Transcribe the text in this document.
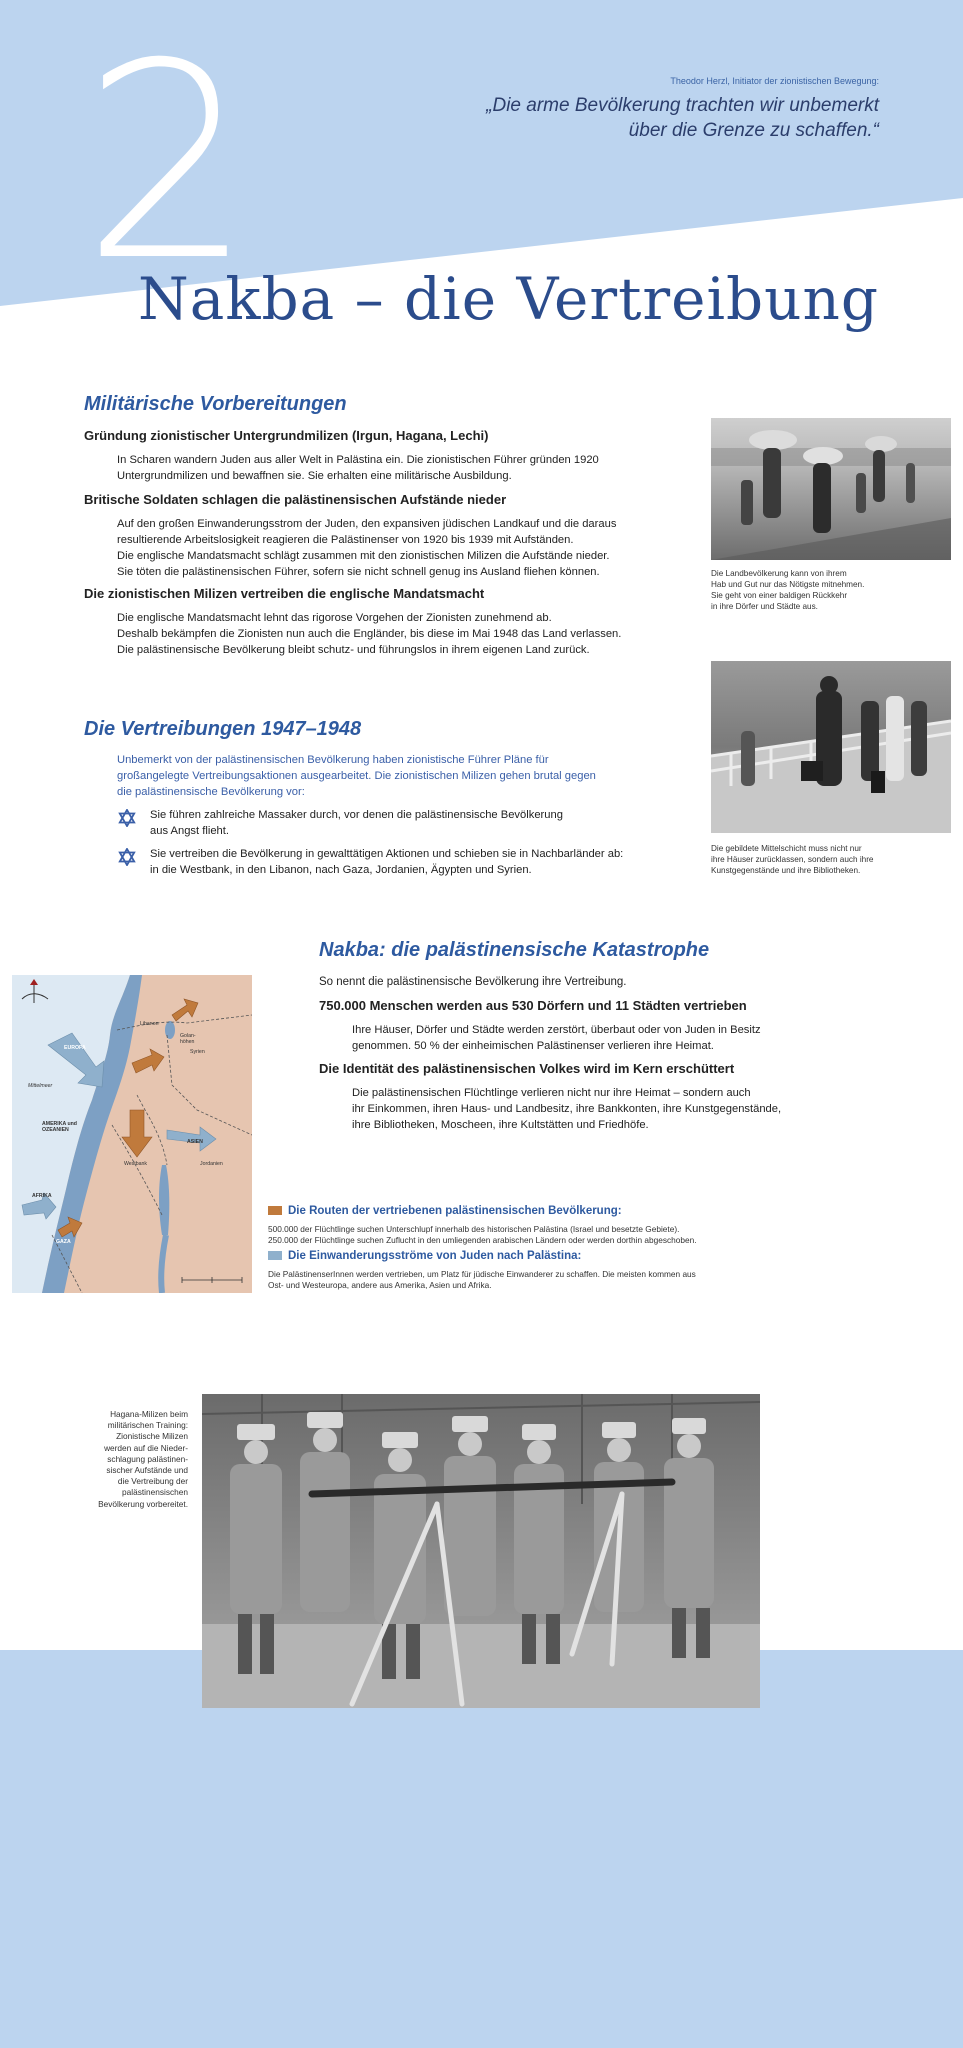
2	Theodor Herzl, Initiator der zionistischen Bewegung:
„Die arme Bevölkerung trachten wir unbemerkt
über die Grenze zu schaffen.“
Nakba – die Vertreibung
Militärische Vorbereitungen
Gründung zionistischer Untergrundmilizen (Irgun, Hagana, Lechi)
In Scharen wandern Juden aus aller Welt in Palästina ein. Die zionistischen Führer gründen 1920
Untergrundmilizen und bewaffnen sie. Sie erhalten eine militärische Ausbildung.
Britische Soldaten schlagen die palästinensischen Aufstände nieder
Auf den großen Einwanderungsstrom der Juden, den expansiven jüdischen Landkauf und die daraus
resultierende Arbeitslosigkeit reagieren die Palästinenser von 1920 bis 1939 mit Aufständen.
Die englische Mandatsmacht schlägt zusammen mit den zionistischen Milizen die Aufstände nieder.
Sie töten die palästinensischen Führer, sofern sie nicht schnell genug ins Ausland fliehen können.
Die zionistischen Milizen vertreiben die englische Mandatsmacht
Die englische Mandatsmacht lehnt das rigorose Vorgehen der Zionisten zunehmend ab.
Deshalb bekämpfen die Zionisten nun auch die Engländer, bis diese im Mai 1948 das Land verlassen.
Die palästinensische Bevölkerung bleibt schutz- und führungslos in ihrem eigenen Land zurück.
Die Landbevölkerung kann von ihrem
Hab und Gut nur das Nötigste mitnehmen.
Sie geht von einer baldigen Rückkehr
in ihre Dörfer und Städte aus.
Die gebildete Mittelschicht muss nicht nur
ihre Häuser zurücklassen, sondern auch ihre
Kunstgegenstände und ihre Bibliotheken.
Die Vertreibungen 1947–1948
Unbemerkt von der palästinensischen Bevölkerung haben zionistische Führer Pläne für
großangelegte Vertreibungsaktionen ausgearbeitet. Die zionistischen Milizen gehen brutal gegen
die palästinensische Bevölkerung vor:
Sie führen zahlreiche Massaker durch, vor denen die palästinensische Bevölkerung
aus Angst flieht.
Sie vertreiben die Bevölkerung in gewalttätigen Aktionen und schieben sie in Nachbarländer ab:
in die Westbank, in den Libanon, nach Gaza, Jordanien, Ägypten und Syrien.
Nakba: die palästinensische Katastrophe
So nennt die palästinensische Bevölkerung ihre Vertreibung.
750.000 Menschen werden aus 530 Dörfern und 11 Städten vertrieben
Ihre Häuser, Dörfer und Städte werden zerstört, überbaut oder von Juden in Besitz
genommen. 50 % der einheimischen Palästinenser verlieren ihre Heimat.
Die Identität des palästinensischen Volkes wird im Kern erschüttert
Die palästinensischen Flüchtlinge verlieren nicht nur ihre Heimat – sondern auch
ihr Einkommen, ihren Haus- und Landbesitz, ihre Bankkonten, ihre Kunstgegenstände,
ihre Bibliotheken, Moscheen, ihre Kultstätten und Friedhöfe.
Libanon
Syrien
Golan-höhen
Mittelmeer
AMERIKA und OZEANIEN
EUROPA
Westbank	Jordanien
AFRIKA
GAZA
ASIEN
Die Routen der vertriebenen palästinensischen Bevölkerung:
500.000 der Flüchtlinge suchen Unterschlupf innerhalb des historischen Palästina (Israel und besetzte Gebiete).
250.000 der Flüchtlinge suchen Zuflucht in den umliegenden arabischen Ländern oder werden dorthin abgeschoben.
Die Einwanderungsströme von Juden nach Palästina:
Die PalästinenserInnen werden vertrieben, um Platz für jüdische Einwanderer zu schaffen. Die meisten kommen aus
Ost- und Westeuropa, andere aus Amerika, Asien und Afrika.
Hagana-Milizen beim
militärischen Training:
Zionistische Milizen
werden auf die Nieder-
schlagung palästinen-
sischer Aufstände und
die Vertreibung der
palästinensischen
Bevölkerung vorbereitet.
